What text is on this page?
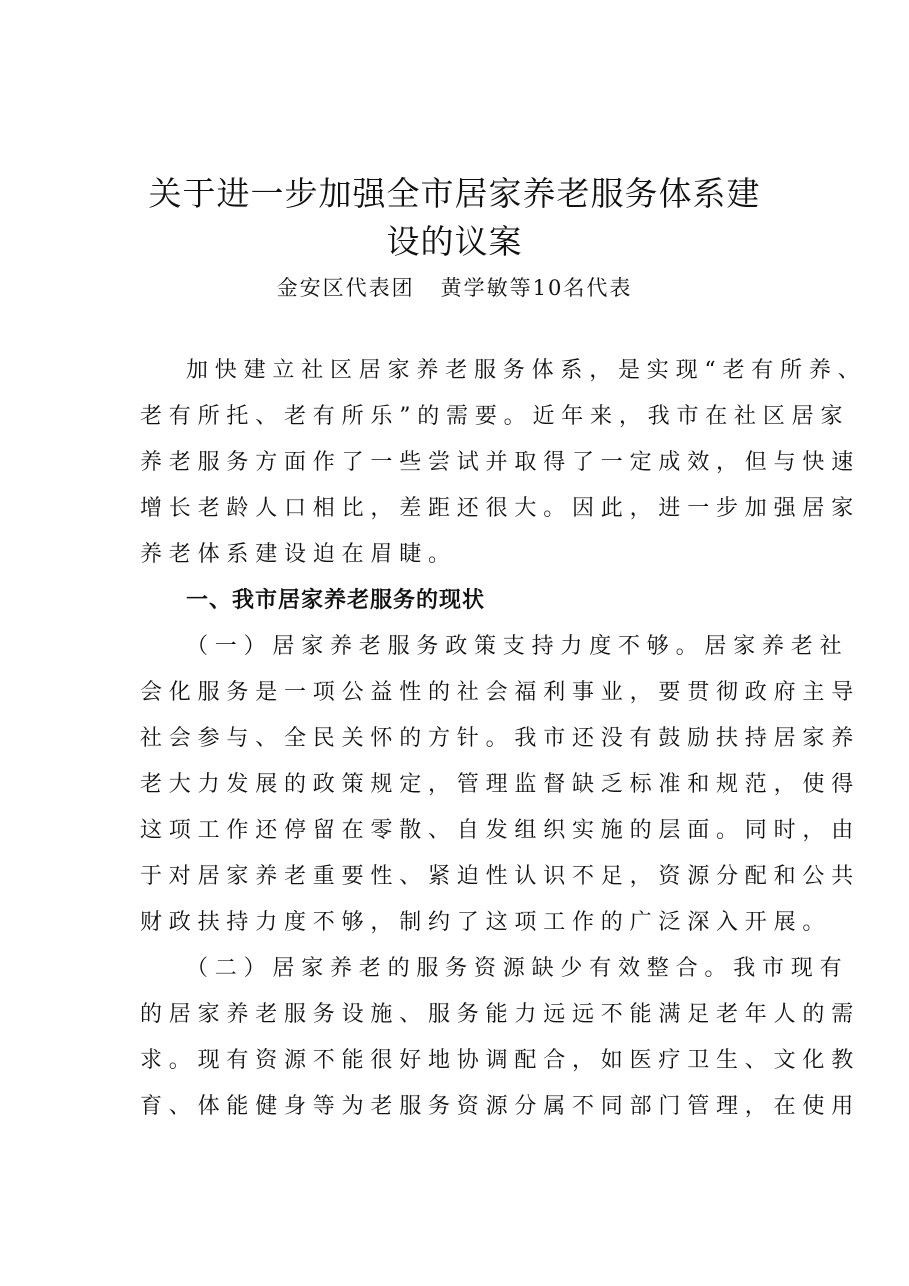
关于进一步加强全市居家养老服务体系建
设的议案
金安区代表团 黄学敏等10名代表
加快建立社区居家养老服务体系，是实现“老有所养、
老有所托、老有所乐”的需要。近年来，我市在社区居家
养老服务方面作了一些尝试并取得了一定成效，但与快速
增长老龄人口相比，差距还很大。因此，进一步加强居家
养老体系建设迫在眉睫。
一、我市居家养老服务的现状
（一）居家养老服务政策支持力度不够。居家养老社
会化服务是一项公益性的社会福利事业，要贯彻政府主导
社会参与、全民关怀的方针。我市还没有鼓励扶持居家养
老大力发展的政策规定，管理监督缺乏标准和规范，使得
这项工作还停留在零散、自发组织实施的层面。同时，由
于对居家养老重要性、紧迫性认识不足，资源分配和公共
财政扶持力度不够，制约了这项工作的广泛深入开展。
（二）居家养老的服务资源缺少有效整合。我市现有
的居家养老服务设施、服务能力远远不能满足老年人的需
求。现有资源不能很好地协调配合，如医疗卫生、文化教
育、体能健身等为老服务资源分属不同部门管理，在使用
